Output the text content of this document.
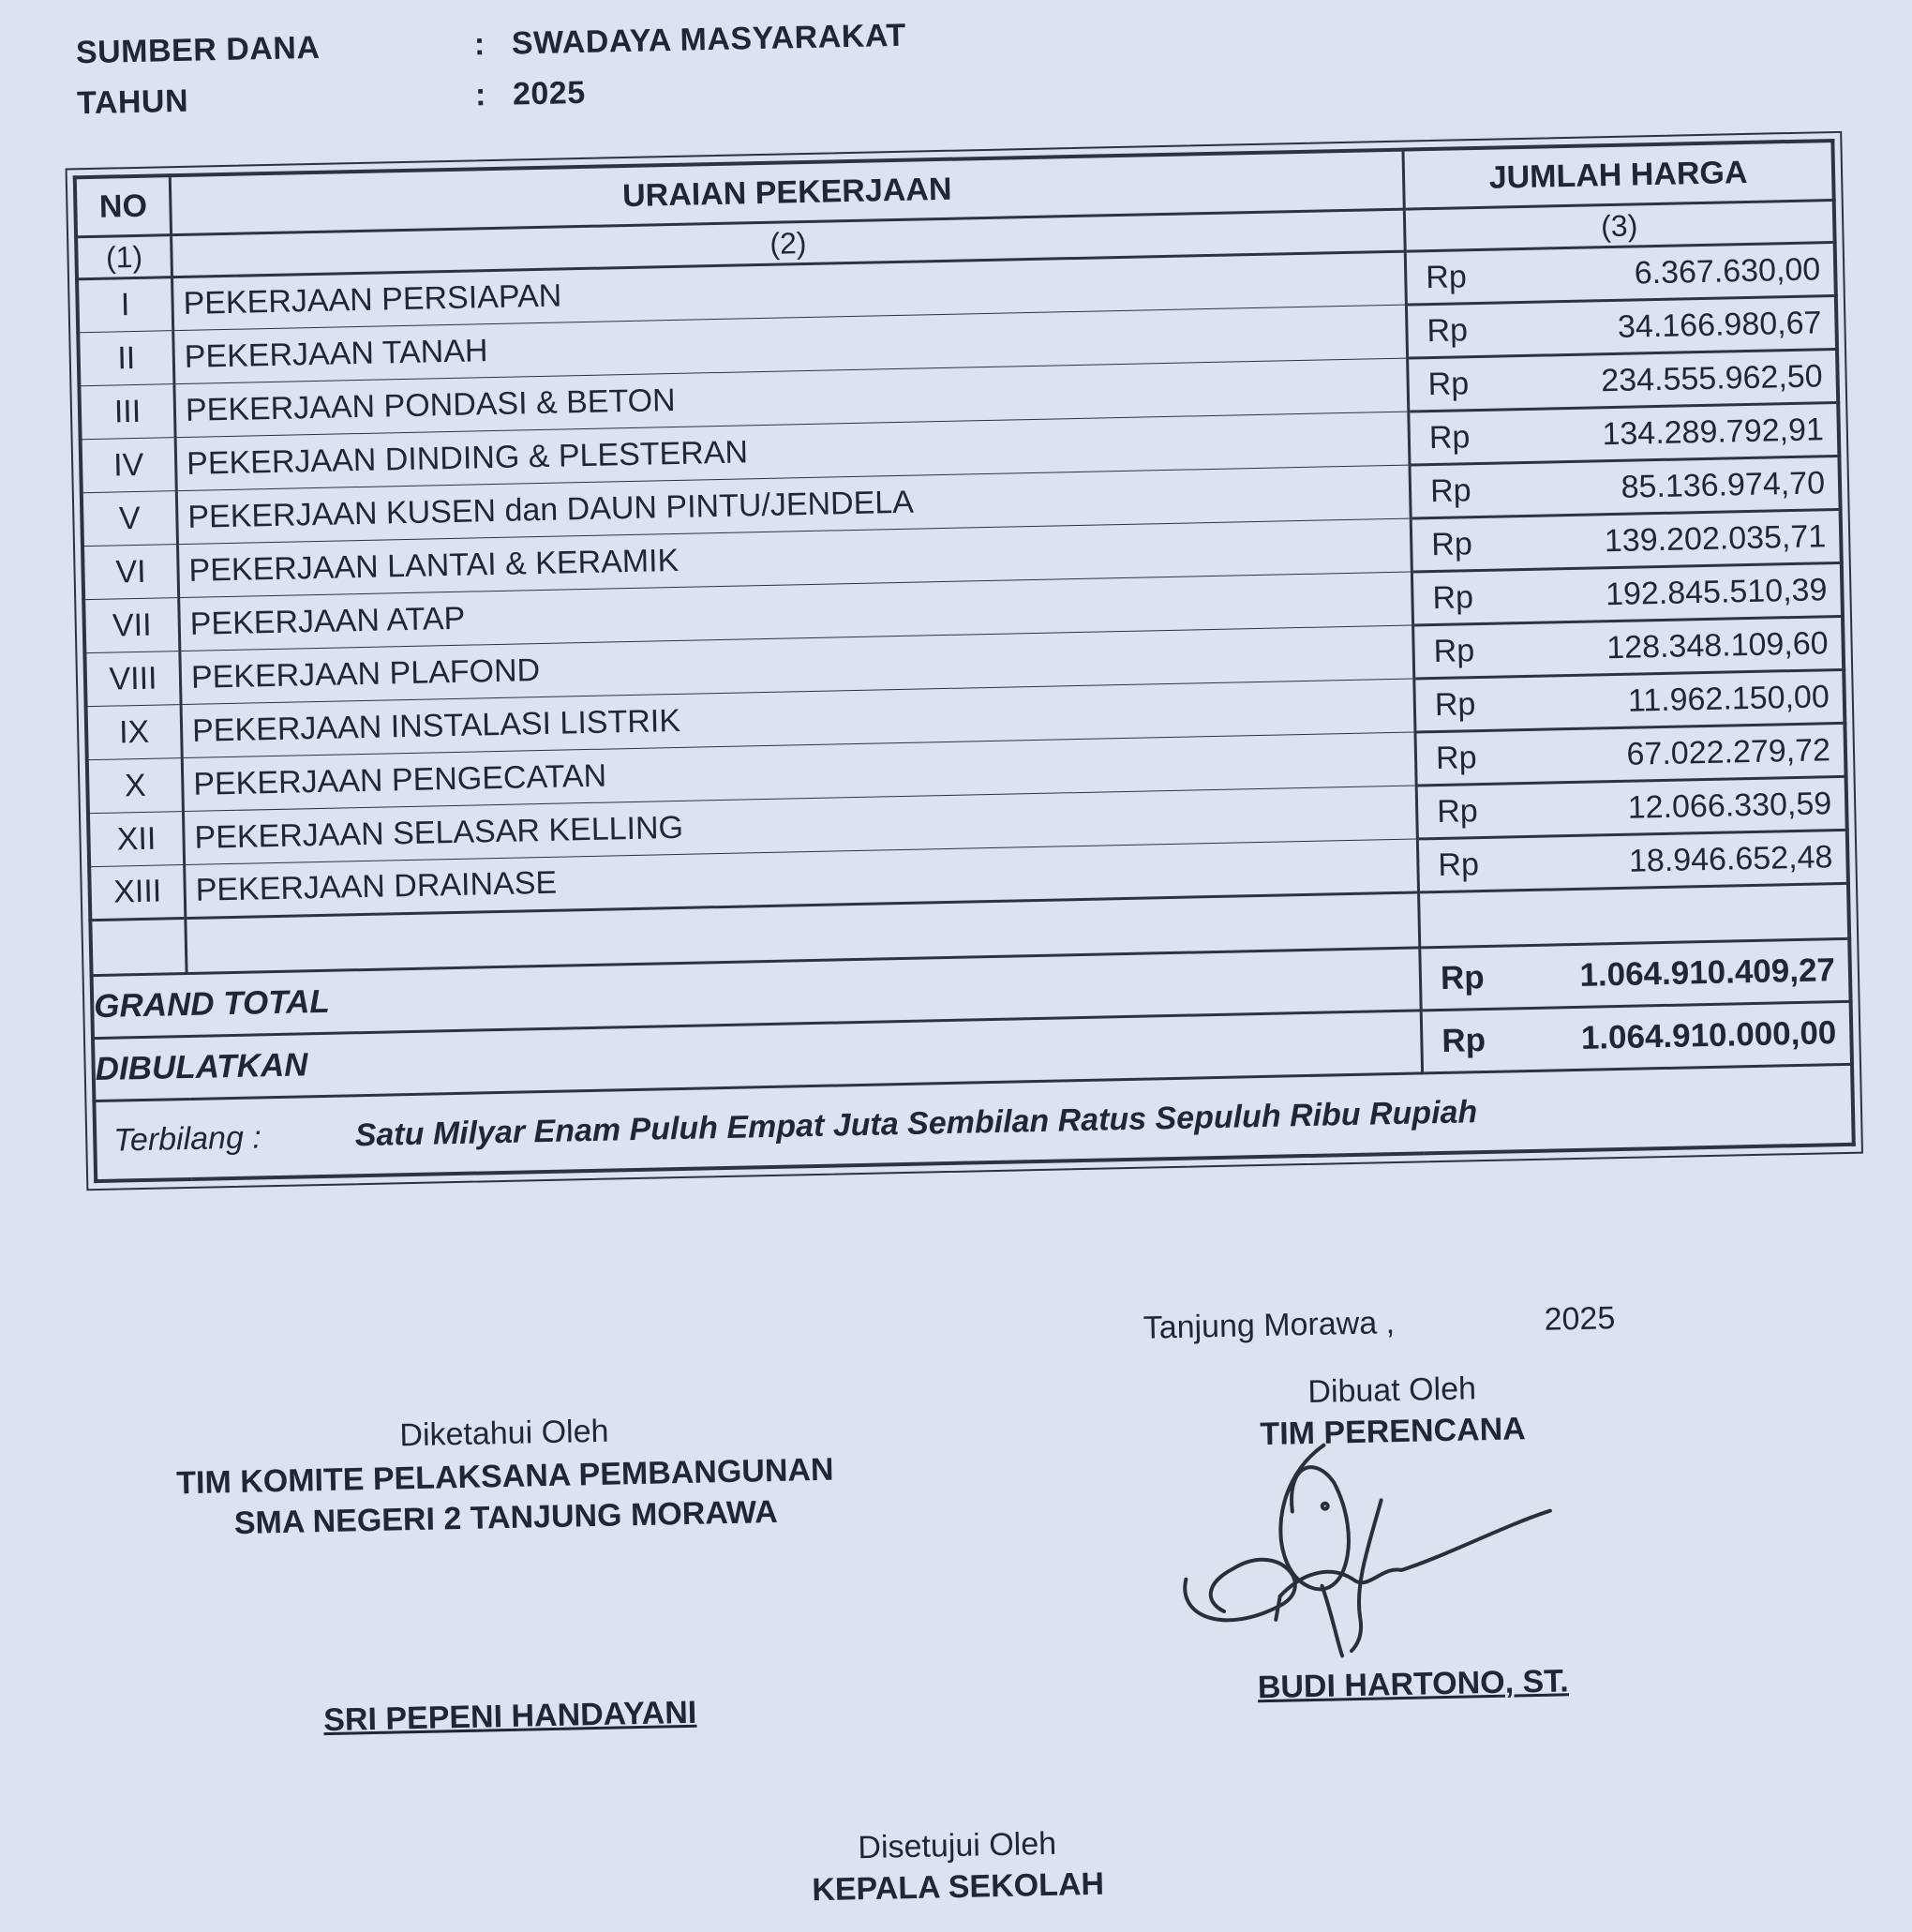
SUMBER DANA	: SWADAYA MASYARAKAT
TAHUN	: 2025
NO	URAIAN PEKERJAAN	JUMLAH HARGA
(1)	(2)	(3)
I	PEKERJAAN PERSIAPAN	Rp 6.367.630,00

II	PEKERJAAN TANAH	Rp 34.166.980,67

III	PEKERJAAN PONDASI & BETON	Rp 234.555.962,50

IV	PEKERJAAN DINDING & PLESTERAN	Rp 134.289.792,91

V	PEKERJAAN KUSEN dan DAUN PINTU/JENDELA	Rp 85.136.974,70

VI	PEKERJAAN LANTAI & KERAMIK	Rp 139.202.035,71

VII	PEKERJAAN ATAP	Rp 192.845.510,39

VIII	PEKERJAAN PLAFOND	Rp 128.348.109,60

IX	PEKERJAAN INSTALASI LISTRIK	Rp 11.962.150,00

X	PEKERJAAN PENGECATAN	Rp 67.022.279,72

XII	PEKERJAAN SELASAR KELLING	Rp 12.066.330,59

XIII	PEKERJAAN DRAINASE	Rp 18.946.652,48

GRAND TOTAL		Rp 1.064.910.409,27

DIBULATKAN		Rp 1.064.910.000,00

Terbilang : Satu Milyar Enam Puluh Empat Juta Sembilan Ratus Sepuluh Ribu Rupiah		
Tanjung Morawa ,	2025
Diketahui Oleh
TIM KOMITE PELAKSANA PEMBANGUNAN
SMA NEGERI 2 TANJUNG MORAWA
SRI PEPENI HANDAYANI
Dibuat Oleh
TIM PERENCANA
BUDI HARTONO, ST.
Disetujui Oleh
KEPALA SEKOLAH
